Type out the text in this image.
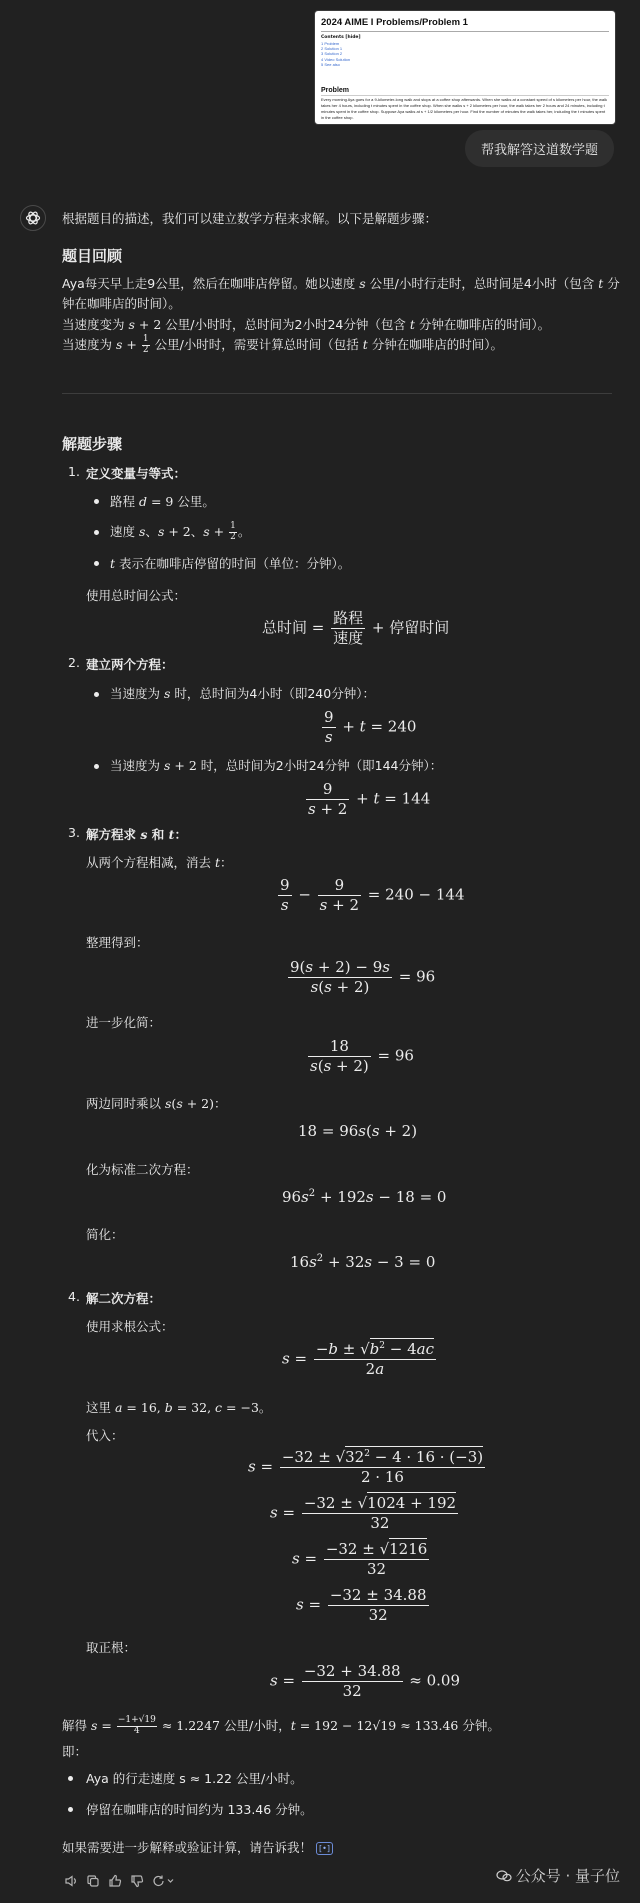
2024 AIME I Problems/Problem 1
Contents [hide]
1 Problem
2 Solution 1
3 Solution 2
4 Video Solution
5 See also
Problem
Every morning Aya goes for a 9-kilometer-long walk and stops at a coffee shop afterwards. When she walks at a constant speed of s kilometers per hour, the walk takes her 4 hours, including t minutes spent in the coffee shop. When she walks s + 2 kilometers per hour, the walk takes her 2 hours and 24 minutes, including t minutes spent in the coffee shop. Suppose Aya walks at s + 1/2 kilometers per hour. Find the number of minutes the walk takes her, including the t minutes spent in the coffee shop.
帮我解答这道数学题
根据题目的描述，我们可以建立数学方程来求解。以下是解题步骤：
题目回顾
Aya每天早上走9公里，然后在咖啡店停留。她以速度 s 公里/小时行走时，总时间是4小时（包含 t 分
钟在咖啡店的时间）。
当速度变为 s + 2 公里/小时时，总时间为2小时24分钟（包含 t 分钟在咖啡店的时间）。
当速度为 $s + \frac{1}{2}$ 公里/小时时，需要计算总时间（包括 t 分钟在咖啡店的时间）。
解题步骤
1. 定义变量与等式：
路程 d = 9 公里。
速度 s、s + 2、$s + \frac{1}{2}$ 。
t 表示在咖啡店停留的时间（单位：分钟）。
使用总时间公式：
总时间 = $\frac{\text{路程}}{\text{速度}}$ + 停留时间
2. 建立两个方程：
当速度为 s 时，总时间为4小时（即240分钟）：
$\frac{9}{s} + t = 240$
当速度为 s + 2 时，总时间为2小时24分钟（即144分钟）：
$\frac{9}{s + 2} + t = 144$
3. 解方程求 s 和 t：
从两个方程相减，消去 t：
$\frac{9}{s} - \frac{9}{s + 2} = 240 - 144$
整理得到：
$\frac{9(s + 2) - 9s}{s(s + 2)} = 96$
进一步化简：
$\frac{18}{s(s + 2)} = 96$
两边同时乘以 s(s + 2)：
18 = 96s(s + 2)
化为标准二次方程：
$96s^2 + 192s - 18 = 0$
简化：
$16s^2 + 32s - 3 = 0$
4. 解二次方程：
使用求根公式：
$s = \frac{-b \pm √b^2 - 4ac}{2a}$
这里 a = 16, b = 32, c = −3。
代入：
$s = \frac{-32 \pm √32^2 - 4 \cdot 16 \cdot (-3)}{2 \cdot 16}$
$s = \frac{-32 \pm √1024 + 192}{32}$
$s = \frac{-32 \pm √1216}{32}$
$s = \frac{-32 \pm 34.88}{32}$
取正根：
$s = \frac{-32 + 34.88}{32} \approx 0.09$
解得 $s = \frac{-1+√19}{4} \approx 1.2247$ 公里/小时，t = 192 − 12√19 ≈ 133.46 分钟。
即：
Aya 的行走速度 s ≈ 1.22 公里/小时。
停留在咖啡店的时间约为 133.46 分钟。
如果需要进一步解释或验证计算，请告诉我！ [•]
公众号 · 量子位
